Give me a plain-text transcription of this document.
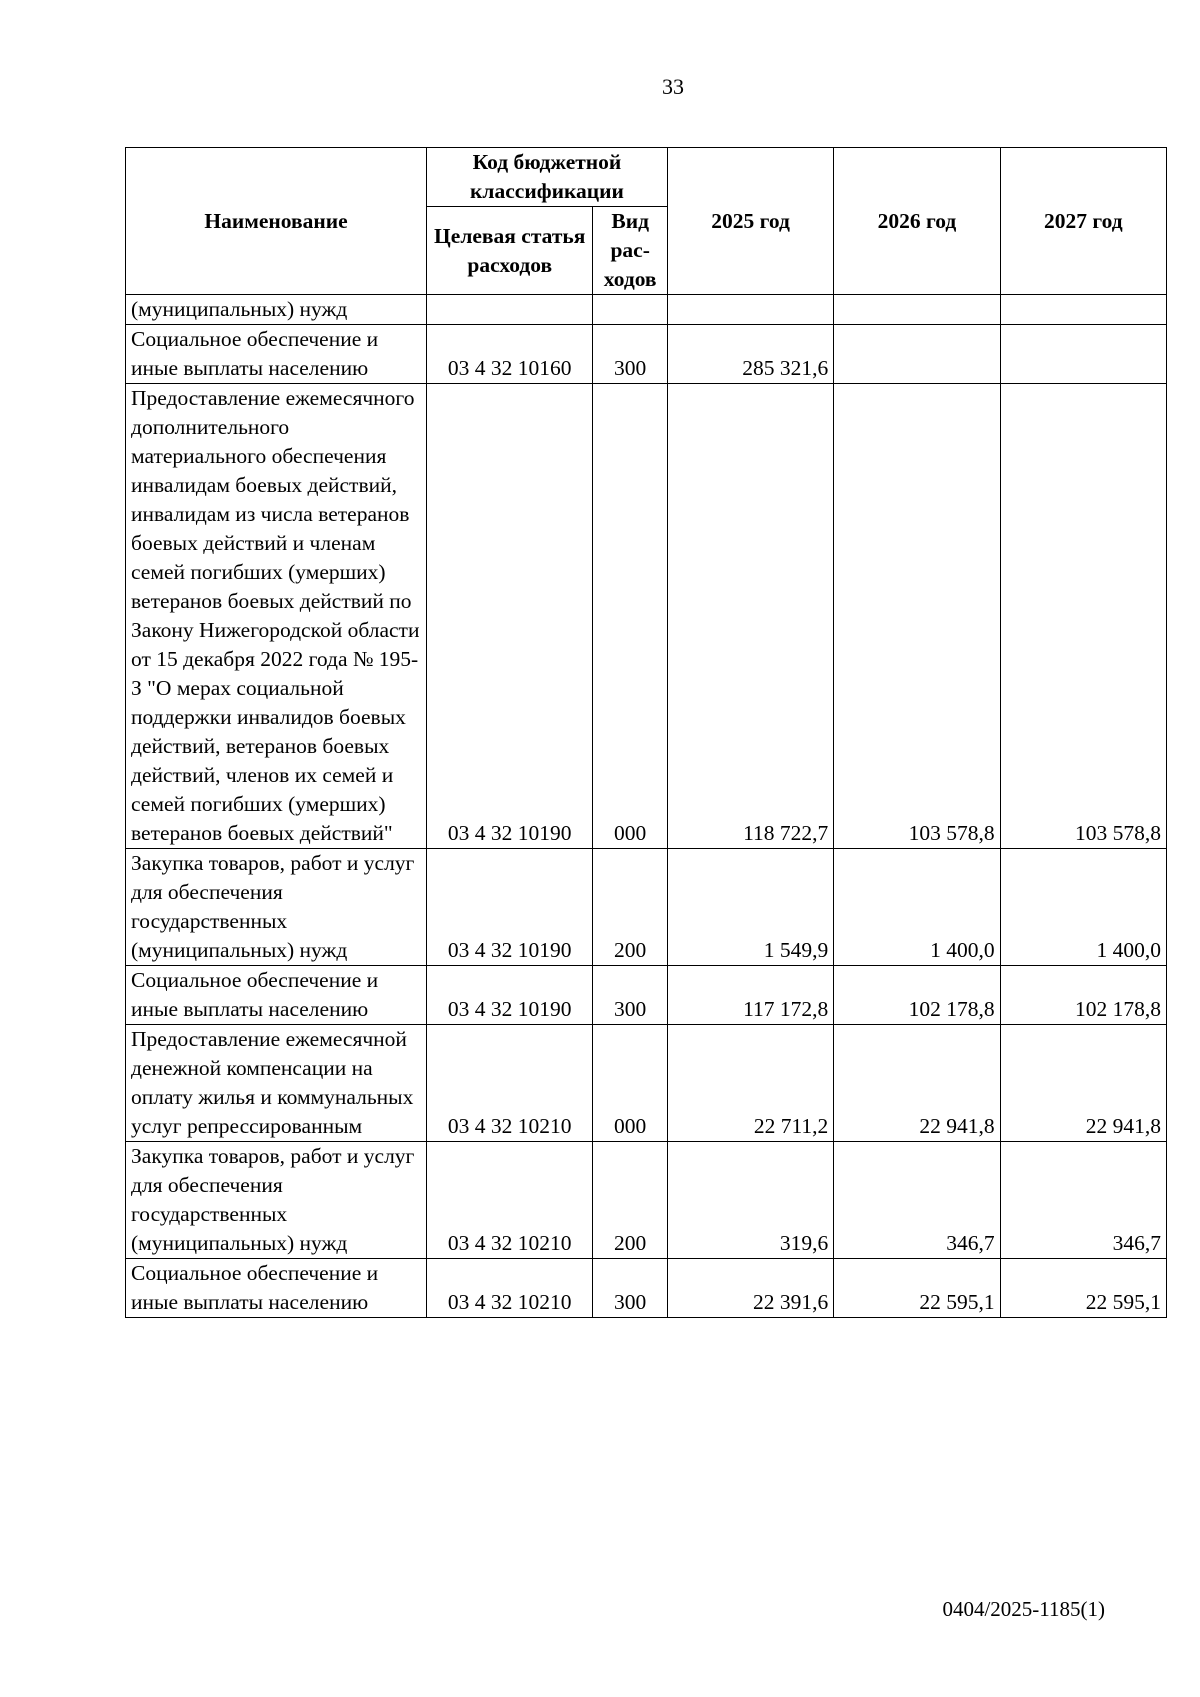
33
Наименование	Код бюджетной классификации		2025 год	2026 год	2027 год
	Целевая статья расходов	Вид рас-ходов			
(муниципальных) нужд					
Социальное обеспечение и иные выплаты населению	03 4 32 10160	300	285 321,6		
Предоставление ежемесячного дополнительного материального обеспечения инвалидам боевых действий, инвалидам из числа ветеранов боевых действий и членам семей погибших (умерших) ветеранов боевых действий по Закону Нижегородской области от 15 декабря 2022 года № 195-З "О мерах социальной поддержки инвалидов боевых действий, ветеранов боевых действий, членов их семей и семей погибших (умерших) ветеранов боевых действий"	03 4 32 10190	000	118 722,7	103 578,8	103 578,8
Закупка товаров, работ и услуг для обеспечения государственных (муниципальных) нужд	03 4 32 10190	200	1 549,9	1 400,0	1 400,0
Социальное обеспечение и иные выплаты населению	03 4 32 10190	300	117 172,8	102 178,8	102 178,8
Предоставление ежемесячной денежной компенсации на оплату жилья и коммунальных услуг репрессированным	03 4 32 10210	000	22 711,2	22 941,8	22 941,8
Закупка товаров, работ и услуг для обеспечения государственных (муниципальных) нужд	03 4 32 10210	200	319,6	346,7	346,7
Социальное обеспечение и иные выплаты населению	03 4 32 10210	300	22 391,6	22 595,1	22 595,1
0404/2025-1185(1)
